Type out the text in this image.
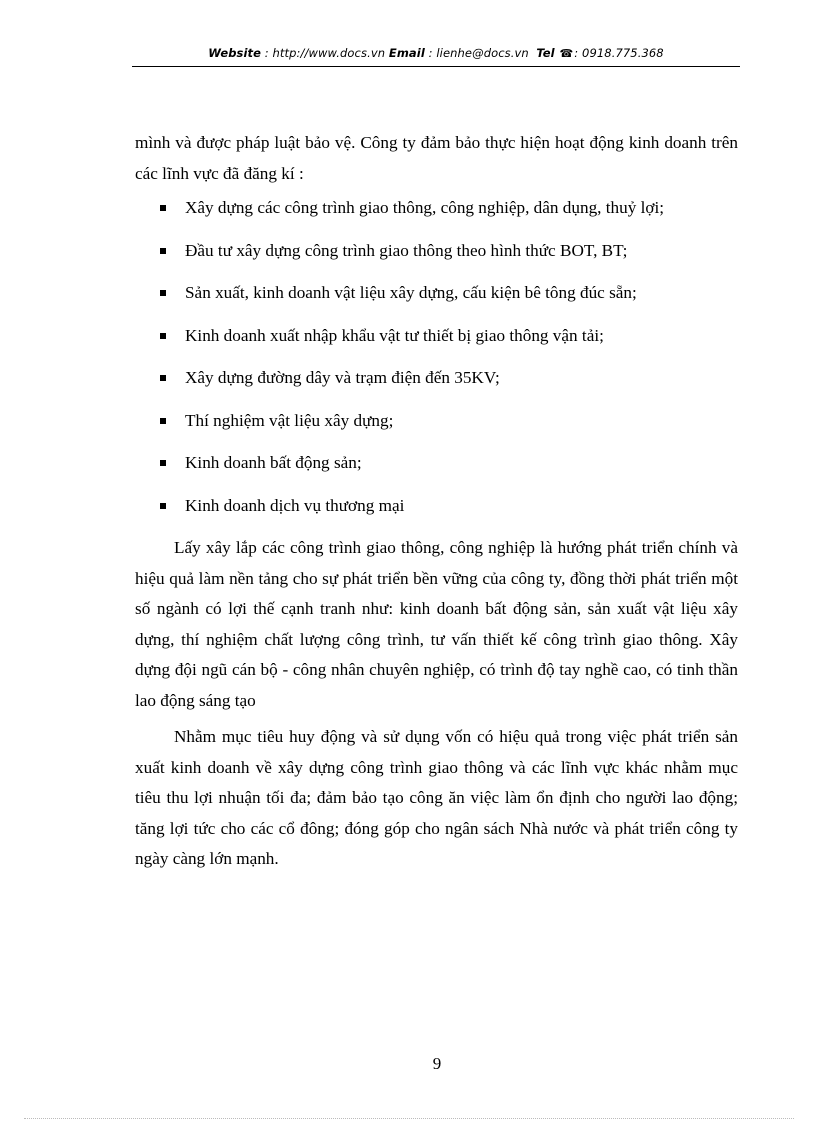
Website : http://www.docs.vn Email : lienhe@docs.vn Tel ☎: 0918.775.368

mình và được pháp luật bảo vệ. Công ty đảm bảo thực hiện hoạt động kinh doanh trên các lĩnh vực đã đăng kí :

Xây dựng các công trình giao thông, công nghiệp, dân dụng, thuỷ lợi;
Đầu tư xây dựng công trình giao thông theo hình thức BOT, BT;
Sản xuất, kinh doanh vật liệu xây dựng, cấu kiện bê tông đúc sẵn;
Kinh doanh xuất nhập khẩu vật tư thiết bị giao thông vận tải;
Xây dựng đường dây và trạm điện đến 35KV;
Thí nghiệm vật liệu xây dựng;
Kinh doanh bất động sản;
Kinh doanh dịch vụ thương mại

Lấy xây lắp các công trình giao thông, công nghiệp là hướng phát triển chính và hiệu quả làm nền tảng cho sự phát triển bền vững của công ty, đồng thời phát triển một số ngành có lợi thế cạnh tranh như: kinh doanh bất động sản, sản xuất vật liệu xây dựng, thí nghiệm chất lượng công trình, tư vấn thiết kế công trình giao thông. Xây dựng đội ngũ cán bộ - công nhân chuyên nghiệp, có trình độ tay nghề cao, có tinh thần lao động sáng tạo

Nhằm mục tiêu huy động và sử dụng vốn có hiệu quả trong việc phát triển sản xuất kinh doanh về xây dựng công trình giao thông và các lĩnh vực khác nhằm mục tiêu thu lợi nhuận tối đa; đảm bảo tạo công ăn việc làm ổn định cho người lao động; tăng lợi tức cho các cổ đông; đóng góp cho ngân sách Nhà nước và phát triển công ty ngày càng lớn mạnh.

9
